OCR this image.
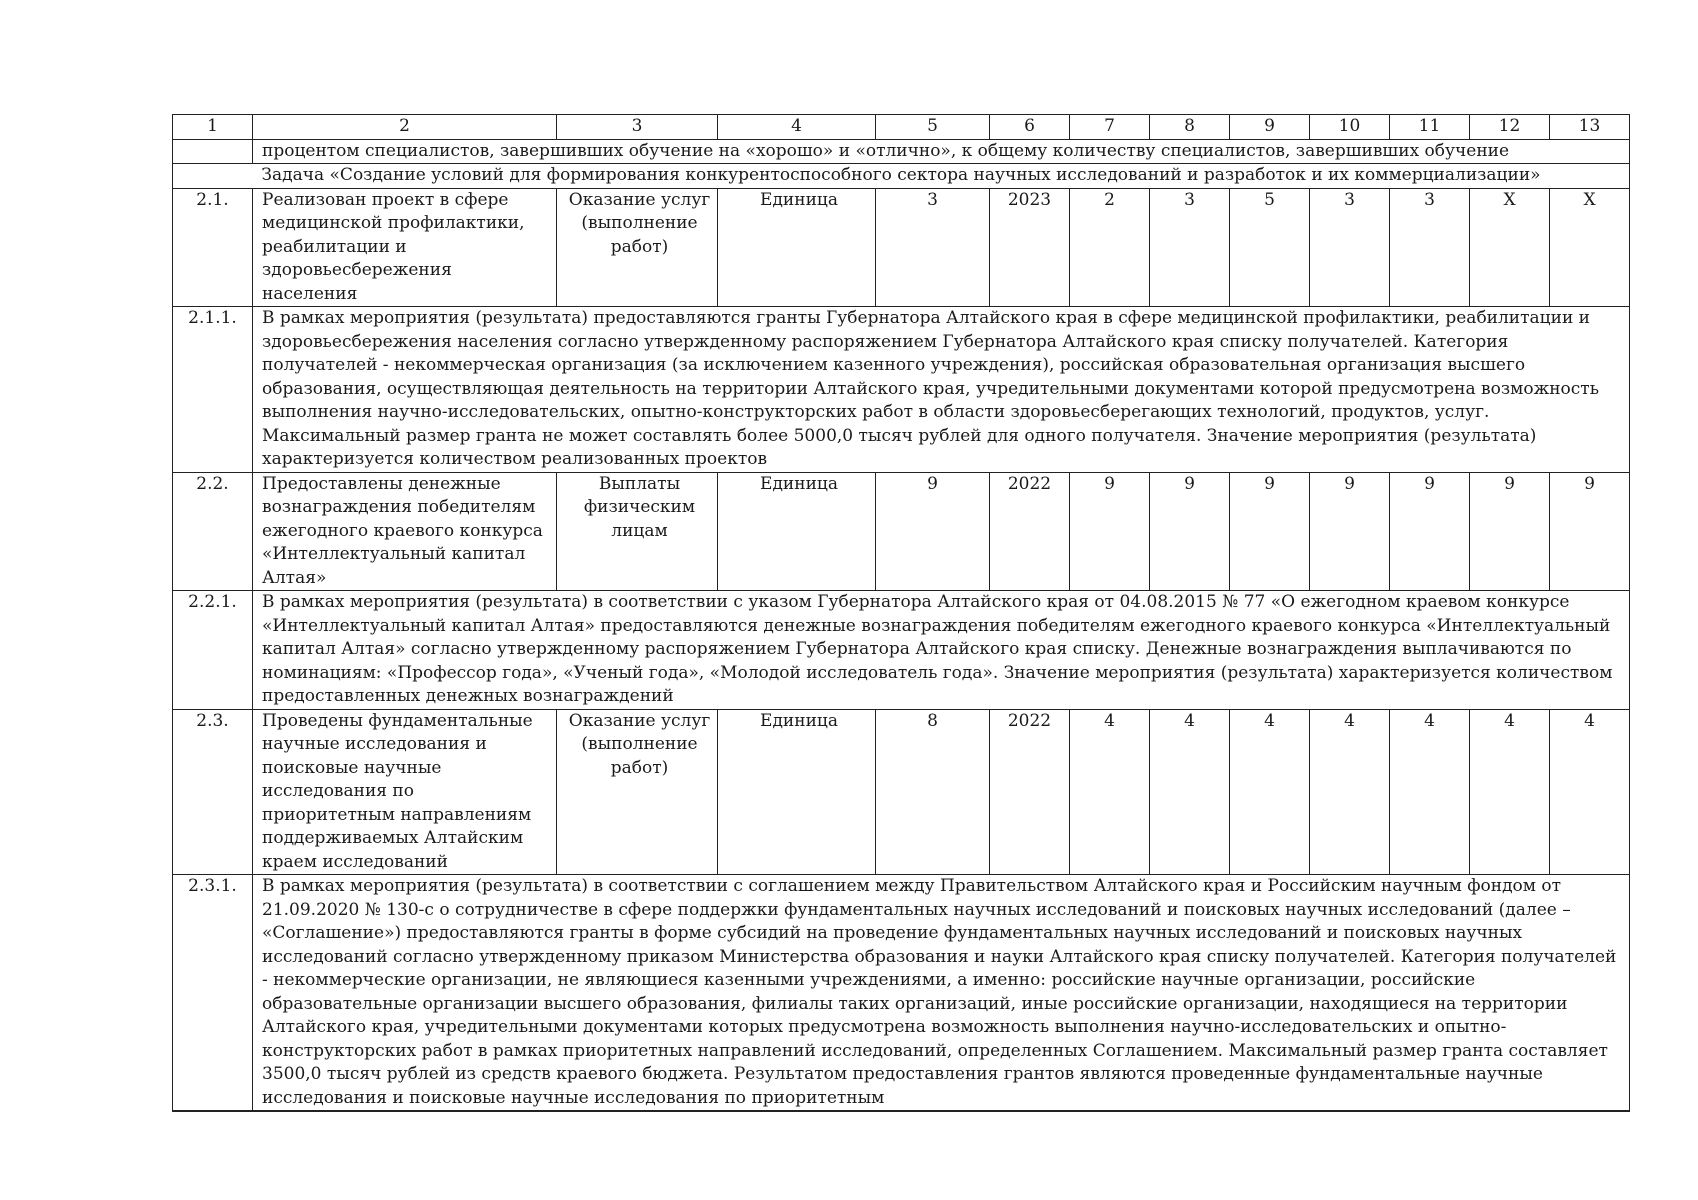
1	2	3	4	5	6	7	8	9	10	11	12	13
	процентом специалистов, завершивших обучение на «хорошо» и «отлично», к общему количеству специалистов, завершивших обучение											
Задача «Создание условий для формирования конкурентоспособного сектора научных исследований и разработок и их коммерциализации»												
2.1.	Реализован проект в сфере медицинской профилактики, реабилитации и здоровьесбережения населения	Оказание услуг (выполнение работ)	Единица	3	2023	2	3	5	3	3	Х	Х
2.1.1.	В рамках мероприятия (результата) предоставляются гранты Губернатора Алтайского края в сфере медицинской профилактики, реабилитации и здоровьесбережения населения согласно утвержденному распоряжением Губернатора Алтайского края списку получателей. Категория получателей - некоммерческая организация (за исключением казенного учреждения), российская образовательная организация высшего образования, осуществляющая деятельность на территории Алтайского края, учредительными документами которой предусмотрена возможность выполнения научно-исследовательских, опытно-конструкторских работ в области здоровьесберегающих технологий, продуктов, услуг. Максимальный размер гранта не может составлять более 5000,0 тысяч рублей для одного получателя. Значение мероприятия (результата) характеризуется количеством реализованных проектов											
2.2.	Предоставлены денежные вознаграждения победителям ежегодного краевого конкурса «Интеллектуальный капитал Алтая»	Выплаты физическим лицам	Единица	9	2022	9	9	9	9	9	9	9
2.2.1.	В рамках мероприятия (результата) в соответствии с указом Губернатора Алтайского края от 04.08.2015 № 77 «О ежегодном краевом конкурсе «Интеллектуальный капитал Алтая» предоставляются денежные вознаграждения победителям ежегодного краевого конкурса «Интеллектуальный капитал Алтая» согласно утвержденному распоряжением Губернатора Алтайского края списку. Денежные вознаграждения выплачиваются по номинациям: «Профессор года», «Ученый года», «Молодой исследователь года». Значение мероприятия (результата) характеризуется количеством предоставленных денежных вознаграждений											
2.3.	Проведены фундаментальные научные исследования и поисковые научные исследования по приоритетным направлениям поддерживаемых Алтайским краем исследований	Оказание услуг (выполнение работ)	Единица	8	2022	4	4	4	4	4	4	4
2.3.1.	В рамках мероприятия (результата) в соответствии с соглашением между Правительством Алтайского края и Российским научным фондом от 21.09.2020 № 130-с о сотрудничестве в сфере поддержки фундаментальных научных исследований и поисковых научных исследований (далее – «Соглашение») предоставляются гранты в форме субсидий на проведение фундаментальных научных исследований и поисковых научных исследований согласно утвержденному приказом Министерства образования и науки Алтайского края списку получателей. Категория получателей - некоммерческие организации, не являющиеся казенными учреждениями, а именно: российские научные организации, российские образовательные организации высшего образования, филиалы таких организаций, иные российские организации, находящиеся на территории Алтайского края, учредительными документами которых предусмотрена возможность выполнения научно-исследовательских и опытно-конструкторских работ в рамках приоритетных направлений исследований, определенных Соглашением. Максимальный размер гранта составляет 3500,0 тысяч рублей из средств краевого бюджета. Результатом предоставления грантов являются проведенные фундаментальные научные исследования и поисковые научные исследования по приоритетным											
